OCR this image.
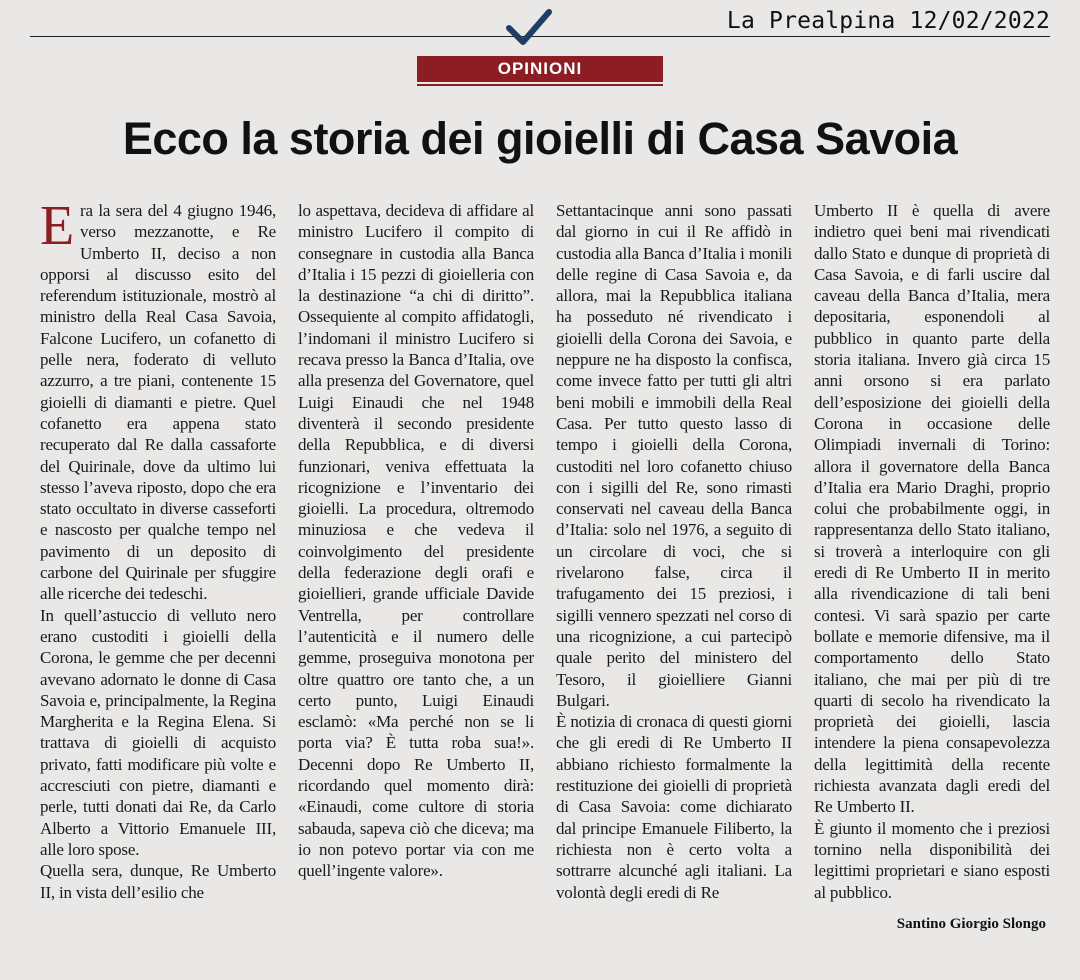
La Prealpina 12/02/2022
OPINIONI
Ecco la storia dei gioielli di Casa Savoia

Era la sera del 4 giugno 1946, verso mezzanotte, e Re Umberto II, deciso a non opporsi al discusso esito del referendum istituzionale, mostrò al ministro della Real Casa Savoia, Falcone Lucifero, un cofanetto di pelle nera, foderato di velluto azzurro, a tre piani, contenente 15 gioielli di diamanti e pietre. Quel cofanetto era appena stato recuperato dal Re dalla cassaforte del Quirinale, dove da ultimo lui stesso l’aveva riposto, dopo che era stato occultato in diverse casseforti e nascosto per qualche tempo nel pavimento di un deposito di carbone del Quirinale per sfuggire alle ricerche dei tedeschi.

In quell’astuccio di velluto nero erano custoditi i gioielli della Corona, le gemme che per decenni avevano adornato le donne di Casa Savoia e, principalmente, la Regina Margherita e la Regina Elena. Si trattava di gioielli di acquisto privato, fatti modificare più volte e accresciuti con pietre, diamanti e perle, tutti donati dai Re, da Carlo Alberto a Vittorio Emanuele III, alle loro spose.

Quella sera, dunque, Re Umberto II, in vista dell’esilio che

lo aspettava, decideva di affidare al ministro Lucifero il compito di consegnare in custodia alla Banca d’Italia i 15 pezzi di gioielleria con la destinazione “a chi di diritto”. Ossequiente al compito affidatogli, l’indomani il ministro Lucifero si recava presso la Banca d’Italia, ove alla presenza del Governatore, quel Luigi Einaudi che nel 1948 diventerà il secondo presidente della Repubblica, e di diversi funzionari, veniva effettuata la ricognizione e l’inventario dei gioielli. La procedura, oltremodo minuziosa e che vedeva il coinvolgimento del presidente della federazione degli orafi e gioiellieri, grande ufficiale Davide Ventrella, per controllare l’autenticità e il numero delle gemme, proseguiva monotona per oltre quattro ore tanto che, a un certo punto, Luigi Einaudi esclamò: «Ma perché non se li porta via? È tutta roba sua!». Decenni dopo Re Umberto II, ricordando quel momento dirà: «Einaudi, come cultore di storia sabauda, sapeva ciò che diceva; ma io non potevo portar via con me quell’ingente valore».

Settantacinque anni sono passati dal giorno in cui il Re affidò in custodia alla Banca d’Italia i monili delle regine di Casa Savoia e, da allora, mai la Repubblica italiana ha posseduto né rivendicato i gioielli della Corona dei Savoia, e neppure ne ha disposto la confisca, come invece fatto per tutti gli altri beni mobili e immobili della Real Casa. Per tutto questo lasso di tempo i gioielli della Corona, custoditi nel loro cofanetto chiuso con i sigilli del Re, sono rimasti conservati nel caveau della Banca d’Italia: solo nel 1976, a seguito di un circolare di voci, che si rivelarono false, circa il trafugamento dei 15 preziosi, i sigilli vennero spezzati nel corso di una ricognizione, a cui partecipò quale perito del ministero del Tesoro, il gioielliere Gianni Bulgari.

È notizia di cronaca di questi giorni che gli eredi di Re Umberto II abbiano richiesto formalmente la restituzione dei gioielli di proprietà di Casa Savoia: come dichiarato dal principe Emanuele Filiberto, la richiesta non è certo volta a sottrarre alcunché agli italiani. La volontà degli eredi di Re

Umberto II è quella di avere indietro quei beni mai rivendicati dallo Stato e dunque di proprietà di Casa Savoia, e di farli uscire dal caveau della Banca d’Italia, mera depositaria, esponendoli al pubblico in quanto parte della storia italiana. Invero già circa 15 anni orsono si era parlato dell’esposizione dei gioielli della Corona in occasione delle Olimpiadi invernali di Torino: allora il governatore della Banca d’Italia era Mario Draghi, proprio colui che probabilmente oggi, in rappresentanza dello Stato italiano, si troverà a interloquire con gli eredi di Re Umberto II in merito alla rivendicazione di tali beni contesi. Vi sarà spazio per carte bollate e memorie difensive, ma il comportamento dello Stato italiano, che mai per più di tre quarti di secolo ha rivendicato la proprietà dei gioielli, lascia intendere la piena consapevolezza della legittimità della recente richiesta avanzata dagli eredi del Re Umberto II.

È giunto il momento che i preziosi tornino nella disponibilità dei legittimi proprietari e siano esposti al pubblico.

Santino Giorgio Slongo
